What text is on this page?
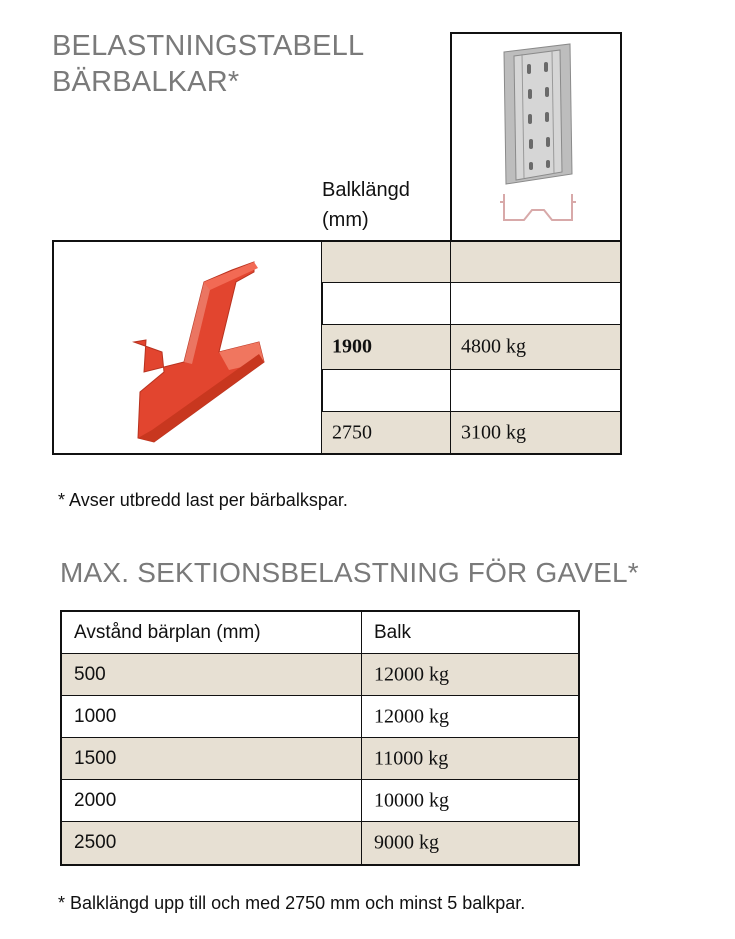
BELASTNINGSTABELL
BÄRBALKAR*
Balklängd
(mm)
1900	4800 kg
2750	3100 kg
* Avser utbredd last per bärbalkspar.
MAX. SEKTIONSBELASTNING FÖR GAVEL*
Avstånd bärplan (mm)	Balk
500	12000 kg
1000	12000 kg
1500	11000 kg
2000	10000 kg
2500	9000 kg
* Balklängd upp till och med 2750 mm och minst 5 balkpar.
